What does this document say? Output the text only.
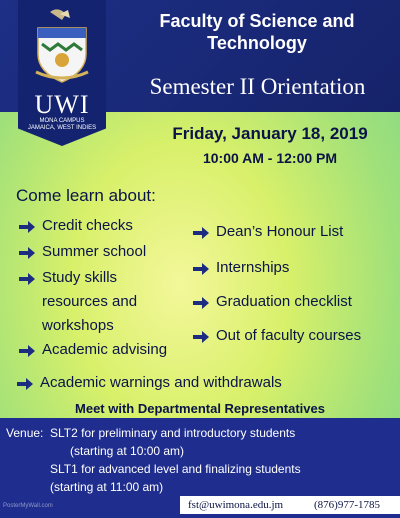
UWI
MONA CAMPUS
JAMAICA, WEST INDIES
Faculty of Science and Technology
Semester II Orientation
Friday, January 18, 2019
10:00 AM - 12:00 PM
Come learn about:
Credit checks
Summer school
Study skills
resources and
workshops
Academic advising
Dean’s Honour List
Internships
Graduation checklist
Out of faculty courses
Academic warnings and withdrawals
Meet with Departmental Representatives
Venue: SLT2 for preliminary and introductory students
(starting at 10:00 am)
SLT1 for advanced level and finalizing students
(starting at 11:00 am)
fst@uwimona.edu.jm	(876)977-1785
PosterMyWall.com
